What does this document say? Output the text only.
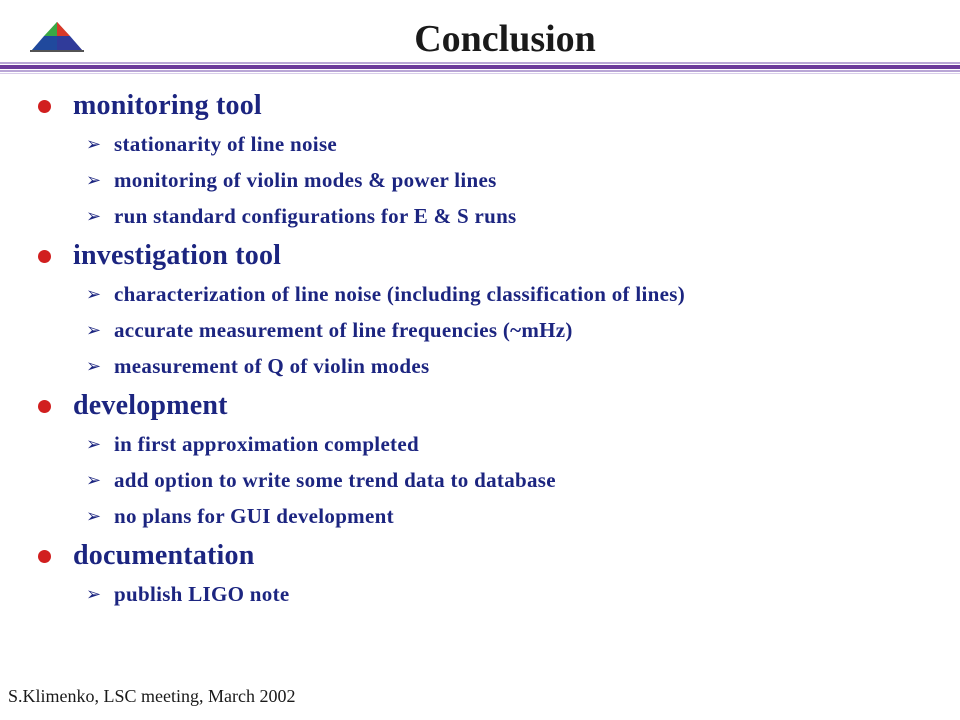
Conclusion
monitoring tool
➢ stationarity of line noise
➢ monitoring of violin modes & power lines
➢ run standard configurations for E & S runs
investigation tool
➢ characterization of line noise (including classification of lines)
➢ accurate measurement of line frequencies (~mHz)
➢ measurement of Q of violin modes
development
➢ in first approximation completed
➢ add option to write some trend data to database
➢ no plans for GUI development
documentation
➢ publish LIGO note
S.Klimenko, LSC meeting, March 2002
